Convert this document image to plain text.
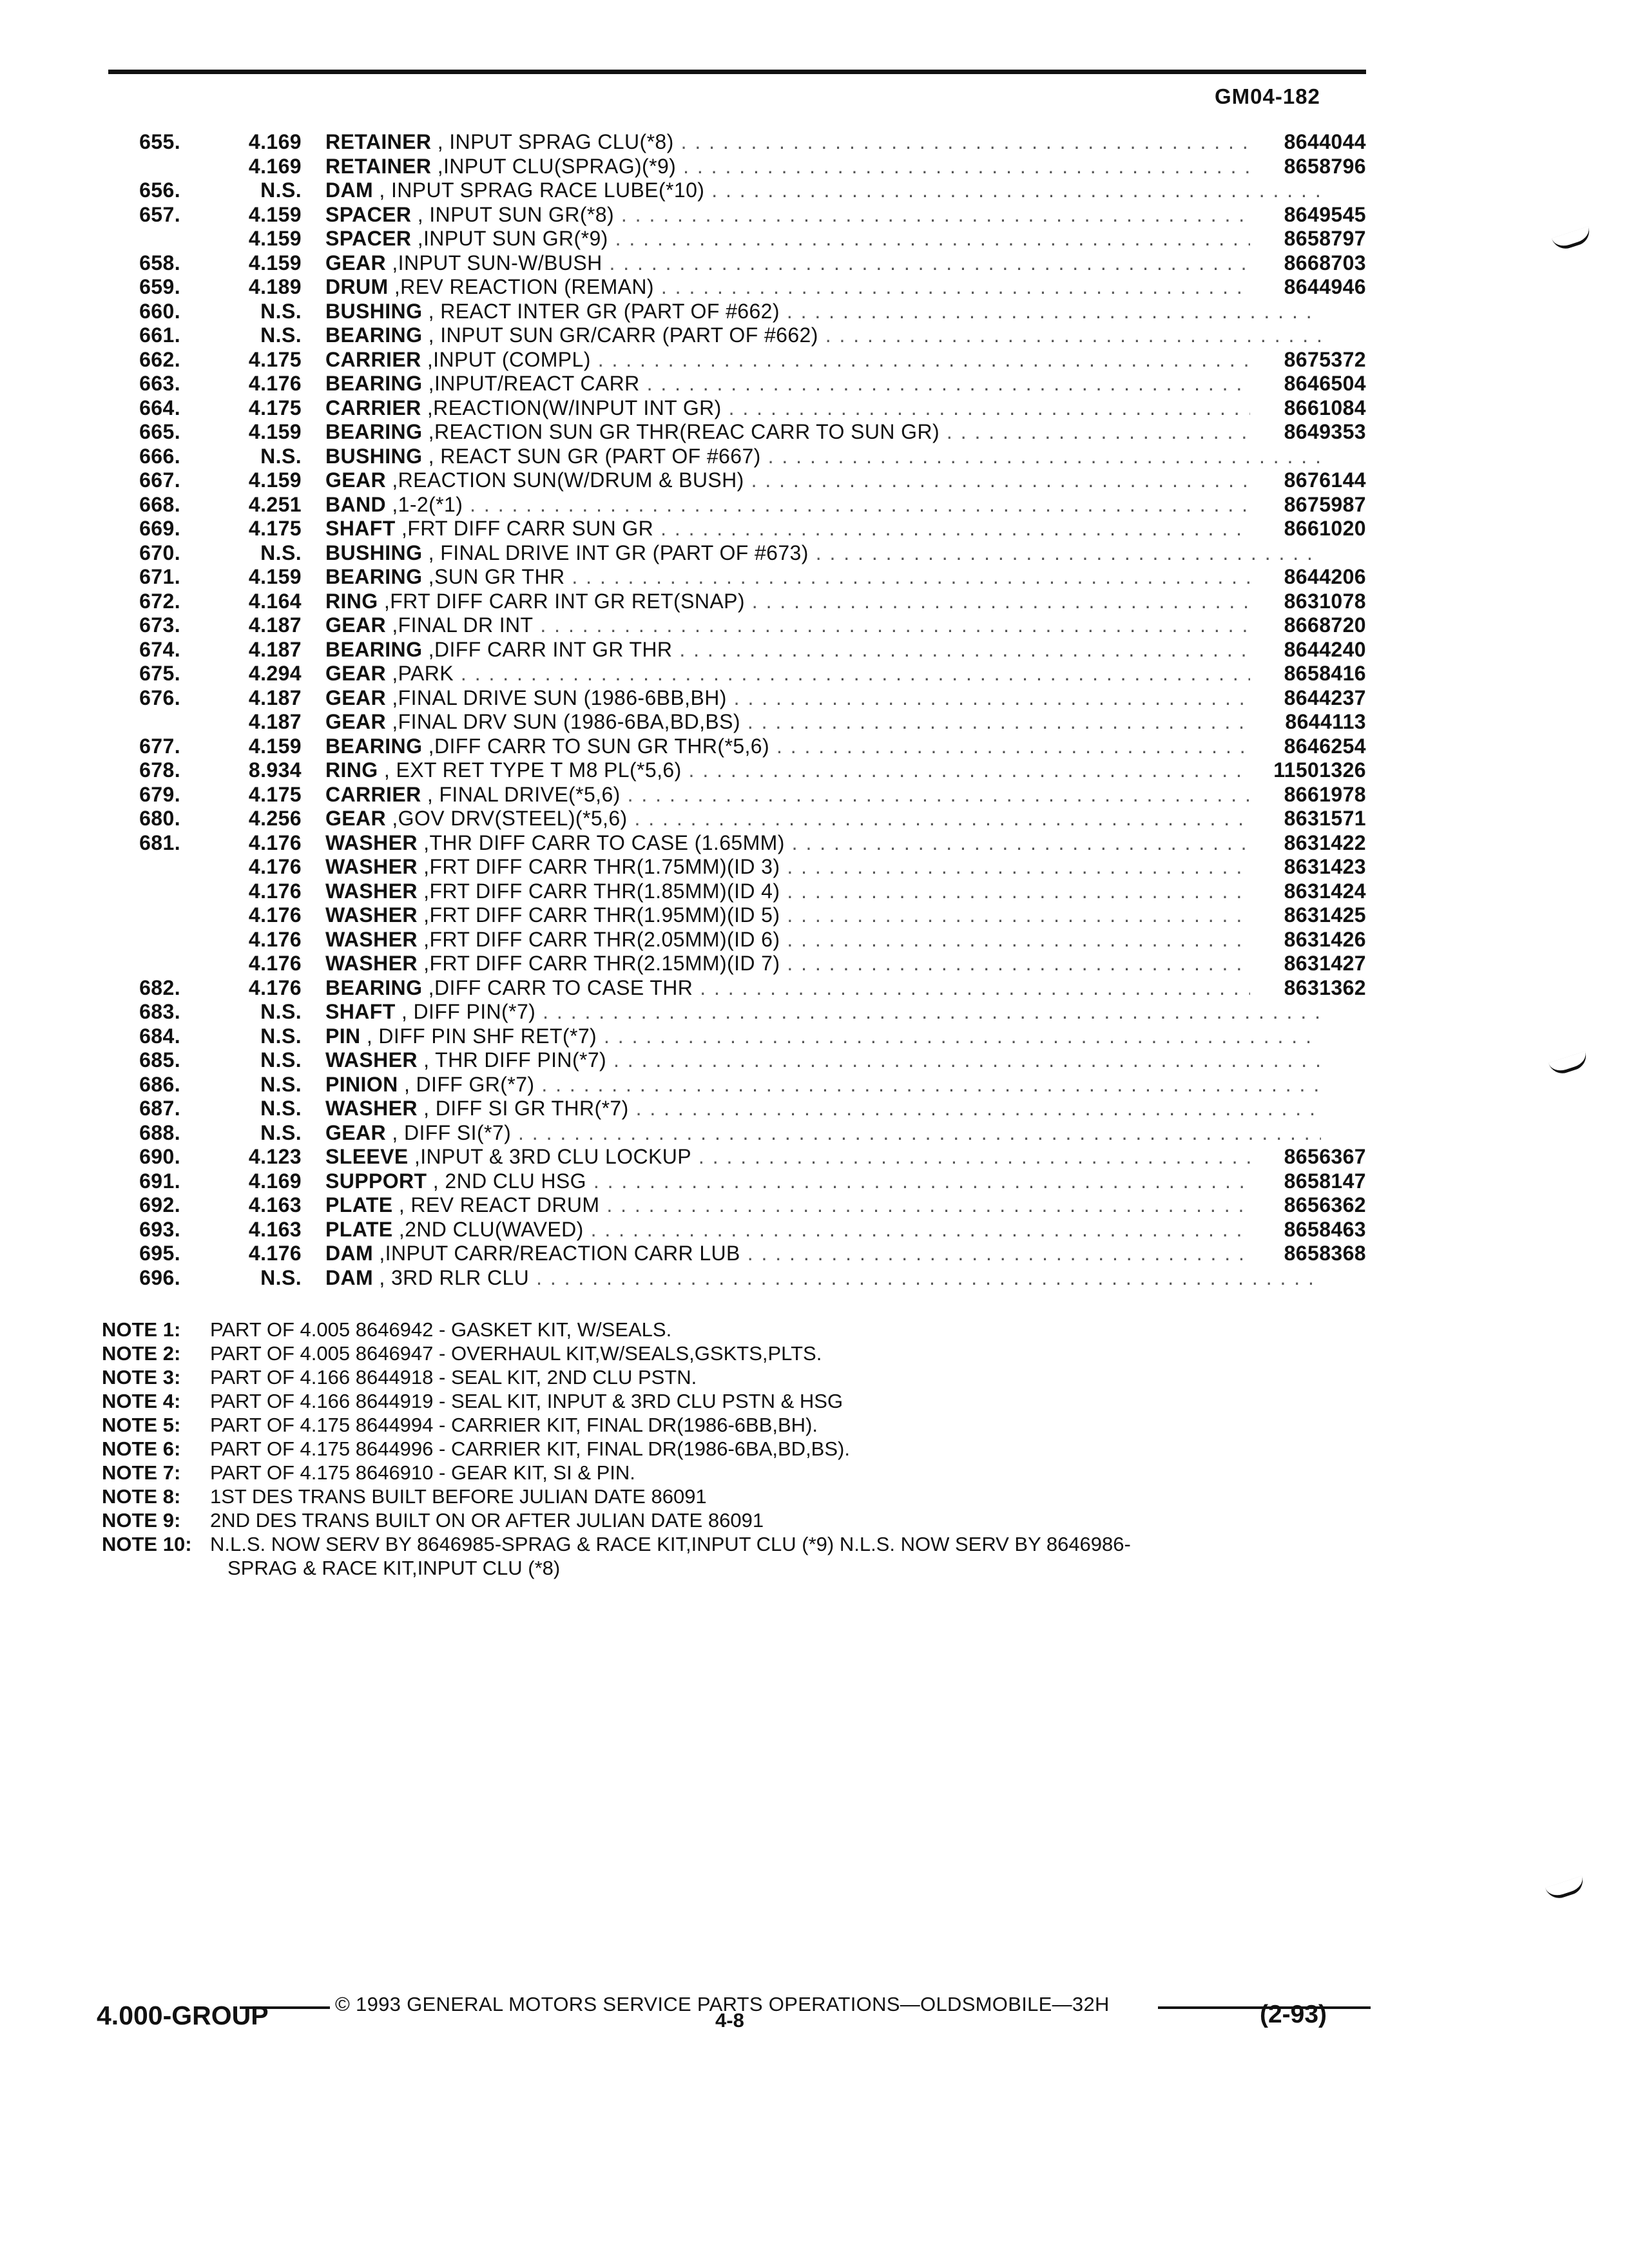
GM04-182
655.	4.169 RETAINER , INPUT SPRAG CLU(*8) . . .	8644044
4.169 RETAINER ,INPUT CLU(SPRAG)(*9) . . .	8658796
656.	N.S. DAM , INPUT SPRAG RACE LUBE(*10) . . .
657.	4.159 SPACER , INPUT SUN GR(*8) . . .	8649545
4.159 SPACER ,INPUT SUN GR(*9) . . .	8658797
658.	4.159 GEAR ,INPUT SUN-W/BUSH . . .	8668703
659.	4.189 DRUM ,REV REACTION (REMAN) . . .	8644946
660.	N.S. BUSHING , REACT INTER GR (PART OF #662) . . .
661.	N.S. BEARING , INPUT SUN GR/CARR (PART OF #662) . . .
662.	4.175 CARRIER ,INPUT (COMPL) . . .	8675372
663.	4.176 BEARING ,INPUT/REACT CARR . . .	8646504
664.	4.175 CARRIER ,REACTION(W/INPUT INT GR) . . .	8661084
665.	4.159 BEARING ,REACTION SUN GR THR(REAC CARR TO SUN GR) . . .	8649353
666.	N.S. BUSHING , REACT SUN GR (PART OF #667) . . .
667.	4.159 GEAR ,REACTION SUN(W/DRUM & BUSH) . . .	8676144
668.	4.251 BAND ,1-2(*1) . . .	8675987
669.	4.175 SHAFT ,FRT DIFF CARR SUN GR . . .	8661020
670.	N.S. BUSHING , FINAL DRIVE INT GR (PART OF #673) . . .
671.	4.159 BEARING ,SUN GR THR . . .	8644206
672.	4.164 RING ,FRT DIFF CARR INT GR RET(SNAP) . . .	8631078
673.	4.187 GEAR ,FINAL DR INT . . .	8668720
674.	4.187 BEARING ,DIFF CARR INT GR THR . . .	8644240
675.	4.294 GEAR ,PARK . . .	8658416
676.	4.187 GEAR ,FINAL DRIVE SUN (1986-6BB,BH) . . .	8644237
4.187 GEAR ,FINAL DRV SUN (1986-6BA,BD,BS) . . .	8644113
677.	4.159 BEARING ,DIFF CARR TO SUN GR THR(*5,6) . . .	8646254
678.	8.934 RING , EXT RET TYPE T M8 PL(*5,6) . . .	11501326
679.	4.175 CARRIER , FINAL DRIVE(*5,6) . . .	8661978
680.	4.256 GEAR ,GOV DRV(STEEL)(*5,6) . . .	8631571
681.	4.176 WASHER ,THR DIFF CARR TO CASE (1.65MM) . . .	8631422
4.176 WASHER ,FRT DIFF CARR THR(1.75MM)(ID 3) . . .	8631423
4.176 WASHER ,FRT DIFF CARR THR(1.85MM)(ID 4) . . .	8631424
4.176 WASHER ,FRT DIFF CARR THR(1.95MM)(ID 5) . . .	8631425
4.176 WASHER ,FRT DIFF CARR THR(2.05MM)(ID 6) . . .	8631426
4.176 WASHER ,FRT DIFF CARR THR(2.15MM)(ID 7) . . .	8631427
682.	4.176 BEARING ,DIFF CARR TO CASE THR . . .	8631362
683.	N.S. SHAFT , DIFF PIN(*7) . . .
684.	N.S. PIN , DIFF PIN SHF RET(*7) . . .
685.	N.S. WASHER , THR DIFF PIN(*7) . . .
686.	N.S. PINION , DIFF GR(*7) . . .
687.	N.S. WASHER , DIFF SI GR THR(*7) . . .
688.	N.S. GEAR , DIFF SI(*7) . . .
690.	4.123 SLEEVE ,INPUT & 3RD CLU LOCKUP . . .	8656367
691.	4.169 SUPPORT , 2ND CLU HSG . . .	8658147
692.	4.163 PLATE , REV REACT DRUM . . .	8656362
693.	4.163 PLATE ,2ND CLU(WAVED) . . .	8658463
695.	4.176 DAM ,INPUT CARR/REACTION CARR LUB . . .	8658368
696.	N.S. DAM , 3RD RLR CLU . . .
NOTE 1: PART OF 4.005 8646942 - GASKET KIT, W/SEALS.
NOTE 2: PART OF 4.005 8646947 - OVERHAUL KIT,W/SEALS,GSKTS,PLTS.
NOTE 3: PART OF 4.166 8644918 - SEAL KIT, 2ND CLU PSTN.
NOTE 4: PART OF 4.166 8644919 - SEAL KIT, INPUT & 3RD CLU PSTN & HSG
NOTE 5: PART OF 4.175 8644994 - CARRIER KIT, FINAL DR(1986-6BB,BH).
NOTE 6: PART OF 4.175 8644996 - CARRIER KIT, FINAL DR(1986-6BA,BD,BS).
NOTE 7: PART OF 4.175 8646910 - GEAR KIT, SI & PIN.
NOTE 8: 1ST DES TRANS BUILT BEFORE JULIAN DATE 86091
NOTE 9: 2ND DES TRANS BUILT ON OR AFTER JULIAN DATE 86091
NOTE 10: N.L.S. NOW SERV BY 8646985-SPRAG & RACE KIT,INPUT CLU (*9) N.L.S. NOW SERV BY 8646986-
SPRAG & RACE KIT,INPUT CLU (*8)
© 1993 GENERAL MOTORS SERVICE PARTS OPERATIONS—OLDSMOBILE—32H
4.000-GROUP	4-8	(2-93)
